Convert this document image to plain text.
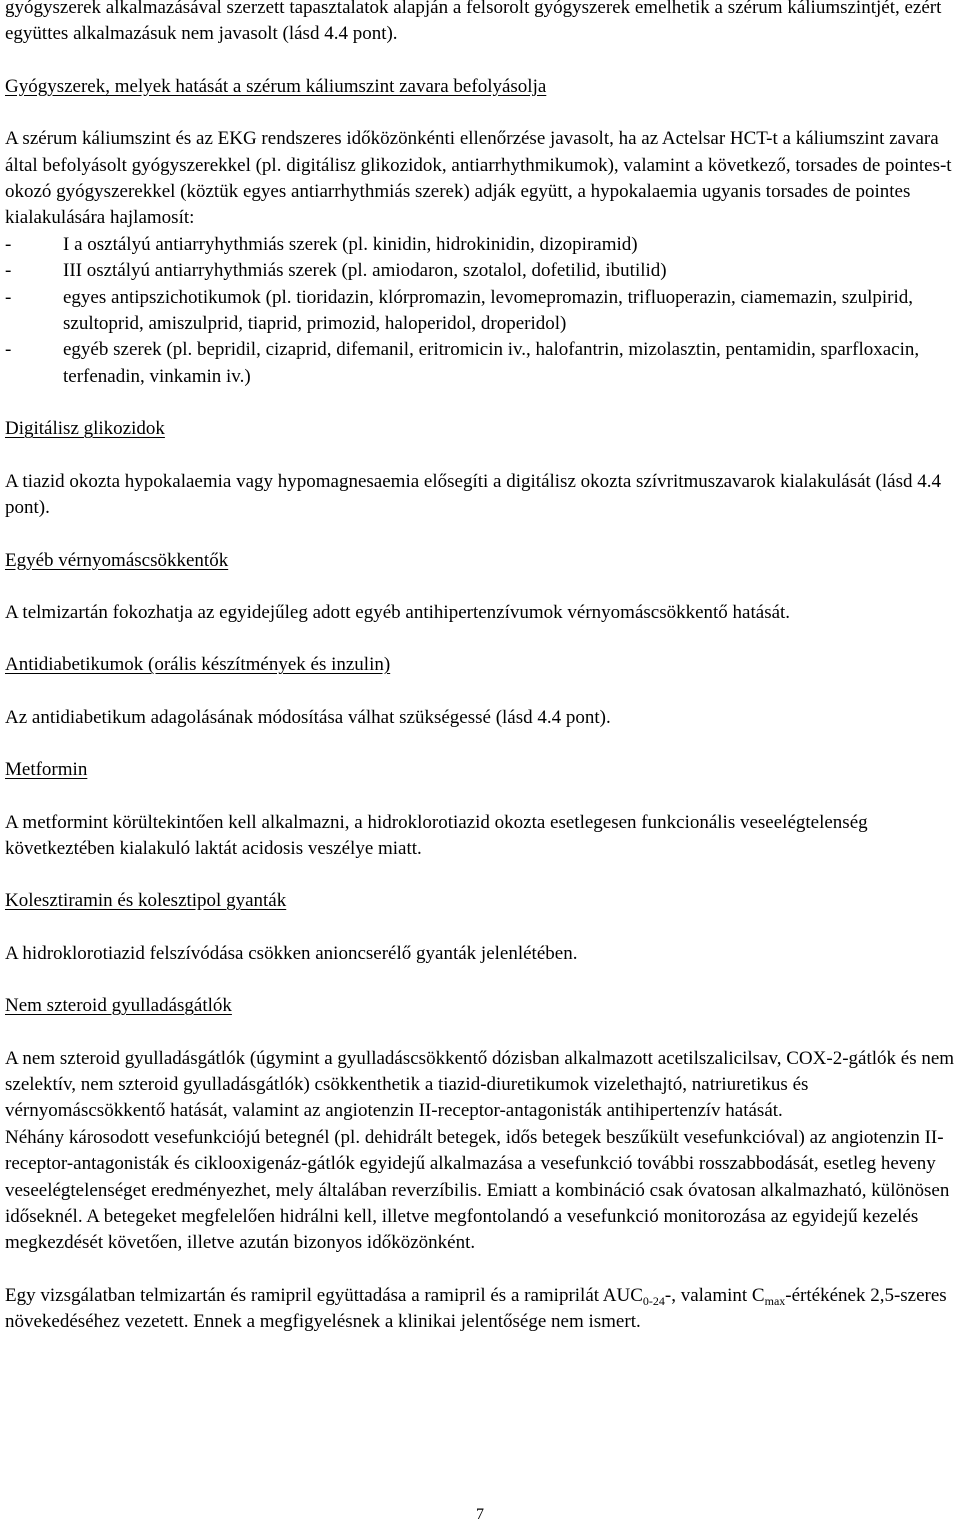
gyógyszerek alkalmazásával szerzett tapasztalatok alapján a felsorolt gyógyszerek emelhetik a szérum káliumszintjét, ezért együttes alkalmazásuk nem javasolt (lásd 4.4 pont).

Gyógyszerek, melyek hatását a szérum káliumszint zavara befolyásolja

A szérum káliumszint és az EKG rendszeres időközönkénti ellenőrzése javasolt, ha az Actelsar HCT-t a káliumszint zavara által befolyásolt gyógyszerekkel (pl. digitálisz glikozidok, antiarrhythmikumok), valamint a következő, torsades de pointes-t okozó gyógyszerekkel (köztük egyes antiarrhythmiás szerek) adják együtt, a hypokalaemia ugyanis torsades de pointes kialakulására hajlamosít:

-	I a osztályú antiarryhythmiás szerek (pl. kinidin, hidrokinidin, dizopiramid)
-	III osztályú antiarryhythmiás szerek (pl. amiodaron, szotalol, dofetilid, ibutilid)
-	egyes antipszichotikumok (pl. tioridazin, klórpromazin, levomepromazin, trifluoperazin, ciamemazin, szulpirid, szultoprid, amiszulprid, tiaprid, primozid, haloperidol, droperidol)
-	egyéb szerek (pl. bepridil, cizaprid, difemanil, eritromicin iv., halofantrin, mizolasztin, pentamidin, sparfloxacin, terfenadin, vinkamin iv.)

Digitálisz glikozidok

A tiazid okozta hypokalaemia vagy hypomagnesaemia elősegíti a digitálisz okozta szívritmuszavarok kialakulását (lásd 4.4 pont).

Egyéb vérnyomáscsökkentők

A telmizartán fokozhatja az egyidejűleg adott egyéb antihipertenzívumok vérnyomáscsökkentő hatását.

Antidiabetikumok (orális készítmények és inzulin)

Az antidiabetikum adagolásának módosítása válhat szükségessé (lásd 4.4 pont).

Metformin

A metformint körültekintően kell alkalmazni, a hidroklorotiazid okozta esetlegesen funkcionális veseelégtelenség következtében kialakuló laktát acidosis veszélye miatt.

Kolesztiramin és kolesztipol gyanták

A hidroklorotiazid felszívódása csökken anioncserélő gyanták jelenlétében.

Nem szteroid gyulladásgátlók

A nem szteroid gyulladásgátlók (úgymint a gyulladáscsökkentő dózisban alkalmazott acetilszalicilsav, COX-2-gátlók és nem szelektív, nem szteroid gyulladásgátlók) csökkenthetik a tiazid-diuretikumok vizelethajtó, natriuretikus és vérnyomáscsökkentő hatását, valamint az angiotenzin II-receptor-antagonisták antihipertenzív hatását.

Néhány károsodott vesefunkciójú betegnél (pl. dehidrált betegek, idős betegek beszűkült vesefunkcióval) az angiotenzin II-receptor-antagonisták és ciklooxigenáz-gátlók egyidejű alkalmazása a vesefunkció további rosszabbodását, esetleg heveny veseelégtelenséget eredményezhet, mely általában reverzíbilis. Emiatt a kombináció csak óvatosan alkalmazható, különösen időseknél. A betegeket megfelelően hidrálni kell, illetve megfontolandó a vesefunkció monitorozása az egyidejű kezelés megkezdését követően, illetve azután bizonyos időközönként.

Egy vizsgálatban telmizartán és ramipril együttadása a ramipril és a ramiprilát $AUC_{0-24}-$, valamint $C_{max}$-értékének 2,5-szeres növekedéséhez vezetett. Ennek a megfigyelésnek a klinikai jelentősége nem ismert.

7
